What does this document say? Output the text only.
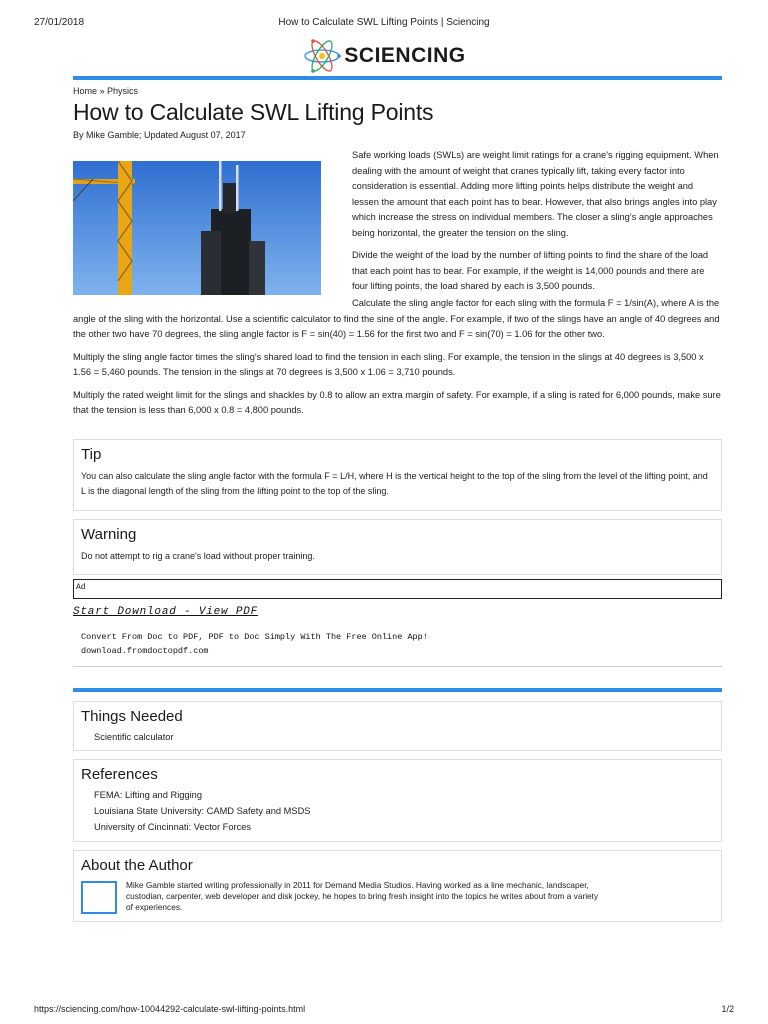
27/01/2018	How to Calculate SWL Lifting Points | Sciencing
SCIENCING
Home » Physics
How to Calculate SWL Lifting Points
By Mike Gamble; Updated August 07, 2017

Safe working loads (SWLs) are weight limit ratings for a crane's rigging equipment. When dealing with the amount of weight that cranes typically lift, taking every factor into consideration is essential. Adding more lifting points helps distribute the weight and lessen the amount that each point has to bear. However, that also brings angles into play which increase the stress on individual members. The closer a sling's angle approaches being horizontal, the greater the tension on the sling.

Divide the weight of the load by the number of lifting points to find the share of the load that each point has to bear. For example, if the weight is 14,000 pounds and there are four lifting points, the load shared by each is 3,500 pounds.

Calculate the sling angle factor for each sling with the formula F = 1/sin(A), where A is the angle of the sling with the horizontal. Use a scientific calculator to find the sine of the angle. For example, if two of the slings have an angle of 40 degrees and the other two have 70 degrees, the sling angle factor is F = sin(40) = 1.56 for the first two and F = sin(70) = 1.06 for the other two.

Multiply the sling angle factor times the sling's shared load to find the tension in each sling. For example, the tension in the slings at 40 degrees is 3,500 x 1.56 = 5,460 pounds. The tension in the slings at 70 degrees is 3,500 x 1.06 = 3,710 pounds.

Multiply the rated weight limit for the slings and shackles by 0.8 to allow an extra margin of safety. For example, if a sling is rated for 6,000 pounds, make sure that the tension is less than 6,000 x 0.8 = 4,800 pounds.

Tip

You can also calculate the sling angle factor with the formula F = L/H, where H is the vertical height to the top of the sling from the level of the lifting point, and L is the diagonal length of the sling from the lifting point to the top of the sling.

Warning

Do not attempt to rig a crane's load without proper training.

Ad
Start Download - View PDF
Convert From Doc to PDF, PDF to Doc Simply With The Free Online App!
download.fromdoctopdf.com
Things Needed
Scientific calculator
References
FEMA: Lifting and Rigging
Louisiana State University: CAMD Safety and MSDS
University of Cincinnati: Vector Forces
About the Author

Mike Gamble started writing professionally in 2011 for Demand Media Studios. Having worked as a line mechanic, landscaper, custodian, carpenter, web developer and disk jockey, he hopes to bring fresh insight into the topics he writes about from a variety of experiences.

https://sciencing.com/how-10044292-calculate-swl-lifting-points.html	1/2
